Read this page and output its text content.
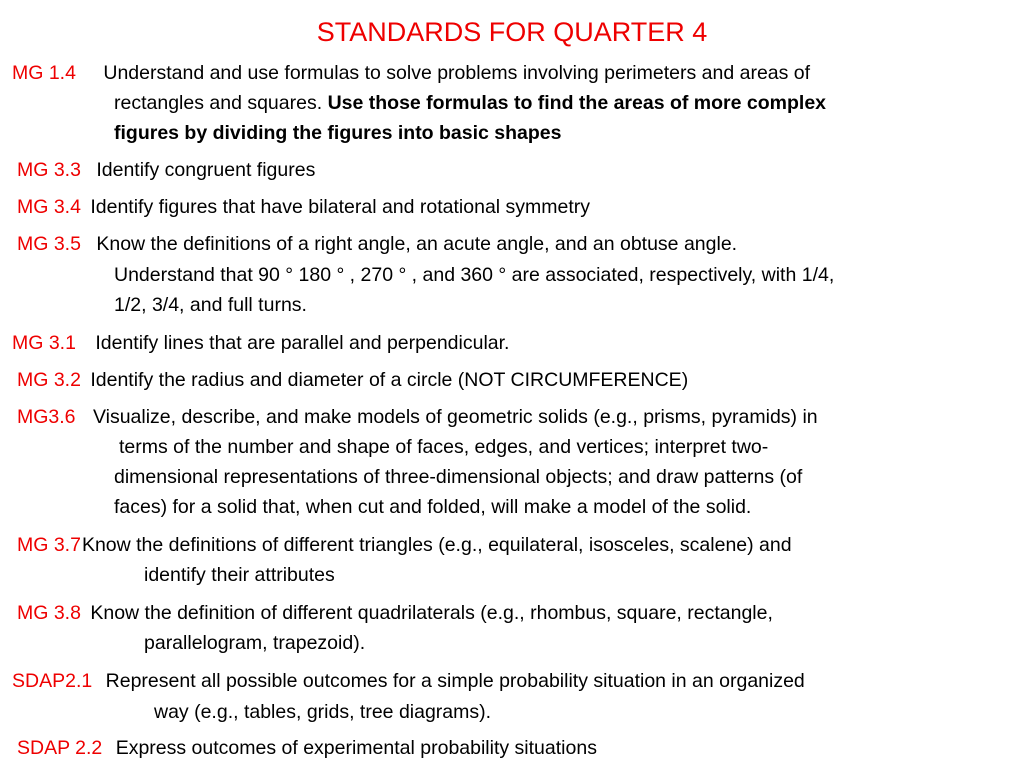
STANDARDS FOR QUARTER 4
MG 1.4 Understand and use formulas to solve problems involving perimeters and areas of
rectangles and squares. Use those formulas to find the areas of more complex
figures by dividing the figures into basic shapes
MG 3.3 Identify congruent figures
MG 3.4 Identify figures that have bilateral and rotational symmetry
MG 3.5 Know the definitions of a right angle, an acute angle, and an obtuse angle.
Understand that 90 ° 180 ° , 270 ° , and 360 ° are associated, respectively, with 1/4,
1/2, 3/4, and full turns.
MG 3.1 Identify lines that are parallel and perpendicular.
MG 3.2 Identify the radius and diameter of a circle (NOT CIRCUMFERENCE)
MG3.6 Visualize, describe, and make models of geometric solids (e.g., prisms, pyramids) in
terms of the number and shape of faces, edges, and vertices; interpret two-
dimensional representations of three-dimensional objects; and draw patterns (of
faces) for a solid that, when cut and folded, will make a model of the solid.
MG 3.7Know the definitions of different triangles (e.g., equilateral, isosceles, scalene) and
identify their attributes
MG 3.8 Know the definition of different quadrilaterals (e.g., rhombus, square, rectangle,
parallelogram, trapezoid).
SDAP2.1 Represent all possible outcomes for a simple probability situation in an organized
way (e.g., tables, grids, tree diagrams).
SDAP 2.2 Express outcomes of experimental probability situations
